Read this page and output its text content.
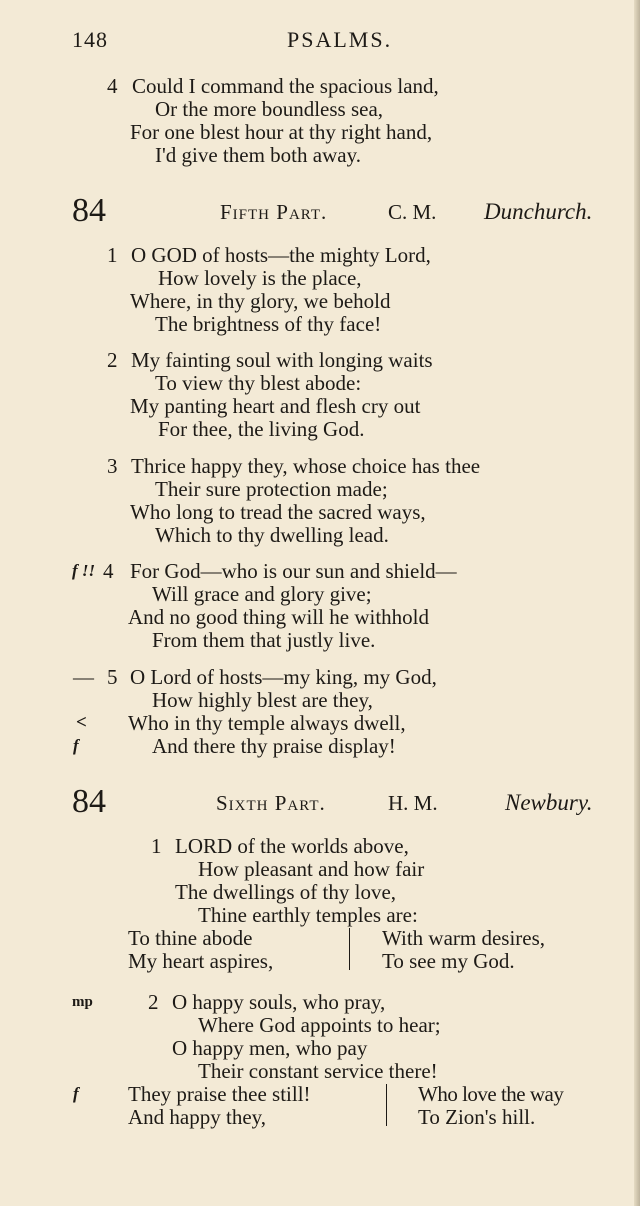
148	PSALMS.
4 Could I command the spacious land,
Or the more boundless sea,
For one blest hour at thy right hand,
I'd give them both away.
84	Fifth Part.	C. M. Dunchurch.
1 O GOD of hosts—the mighty Lord,
How lovely is the place,
Where, in thy glory, we behold
The brightness of thy face!
2 My fainting soul with longing waits
To view thy blest abode:
My panting heart and flesh cry out
For thee, the living God.
3 Thrice happy they, whose choice has thee
Their sure protection made;
Who long to tread the sacred ways,
Which to thy dwelling lead.
f !! 4 For God—who is our sun and shield—
Will grace and glory give;
And no good thing will he withhold
From them that justly live.
— 5 O Lord of hosts—my king, my God,
How highly blest are they,
< Who in thy temple always dwell,
f	And there thy praise display!
84	Sixth Part.	H. M.	Newbury.
1 LORD of the worlds above,
How pleasant and how fair
The dwellings of thy love,
Thine earthly temples are:
To thine abode
My heart aspires,
With warm desires,
To see my God.
mp	2 O happy souls, who pray,
Where God appoints to hear;
O happy men, who pay
Their constant service there!
f They praise thee still!
And happy they,
Who love the way
To Zion's hill.
